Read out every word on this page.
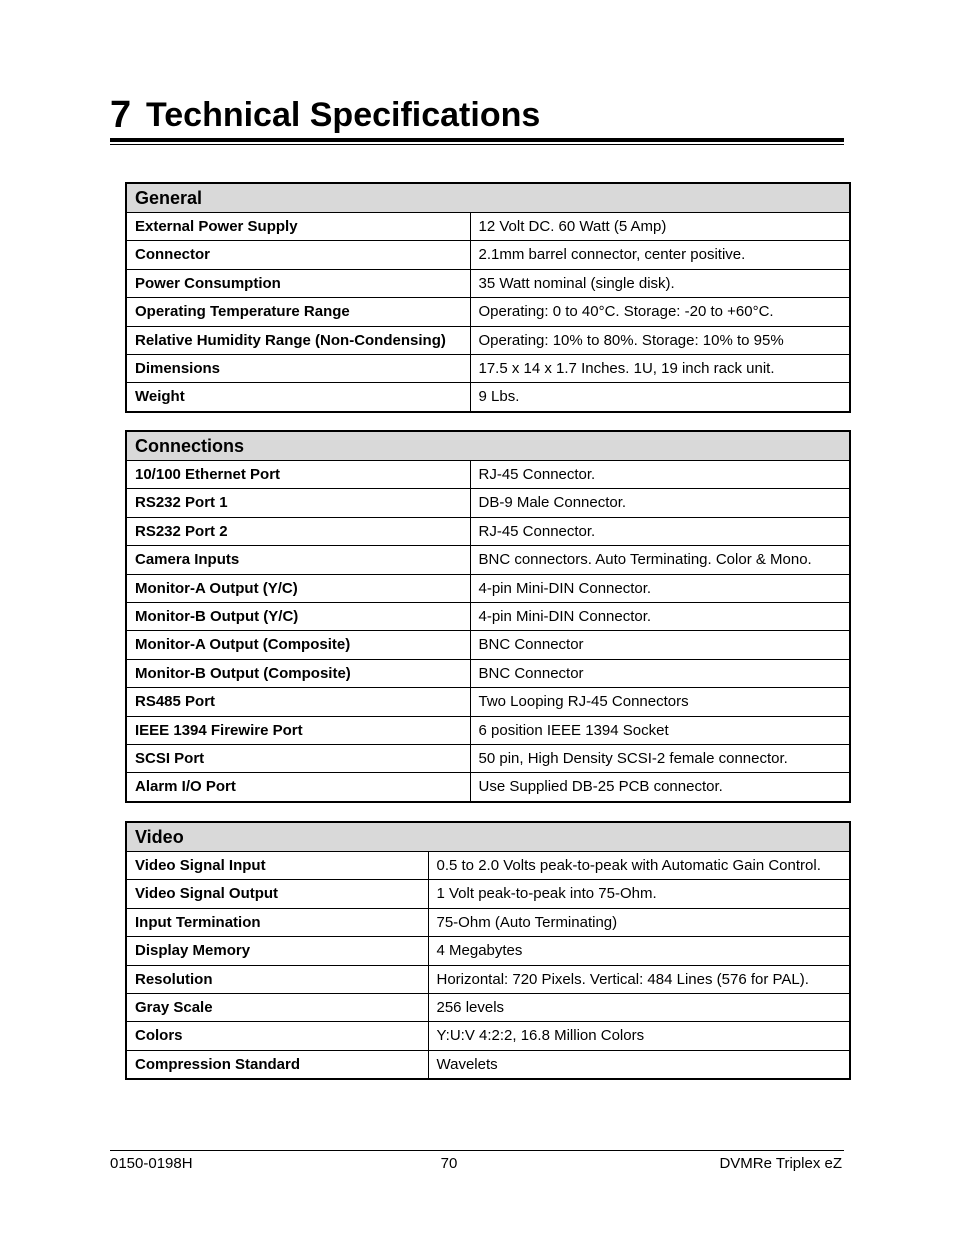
7 Technical Specifications
General	
External Power Supply	12 Volt DC. 60 Watt (5 Amp)
Connector	2.1mm barrel connector, center positive.
Power Consumption	35 Watt nominal (single disk).
Operating Temperature Range	Operating: 0 to 40°C. Storage: -20 to +60°C.
Relative Humidity Range (Non-Condensing)	Operating: 10% to 80%. Storage: 10% to 95%
Dimensions	17.5 x 14 x 1.7 Inches. 1U, 19 inch rack unit.
Weight	9 Lbs.
Connections	
10/100 Ethernet Port	RJ-45 Connector.
RS232 Port 1	DB-9 Male Connector.
RS232 Port 2	RJ-45 Connector.
Camera Inputs	BNC connectors. Auto Terminating. Color & Mono.
Monitor-A Output (Y/C)	4-pin Mini-DIN Connector.
Monitor-B Output (Y/C)	4-pin Mini-DIN Connector.
Monitor-A Output (Composite)	BNC Connector
Monitor-B Output (Composite)	BNC Connector
RS485 Port	Two Looping RJ-45 Connectors
IEEE 1394 Firewire Port	6 position IEEE 1394 Socket
SCSI Port	50 pin, High Density SCSI-2 female connector.
Alarm I/O Port	Use Supplied DB-25 PCB connector.
Video	
Video Signal Input	0.5 to 2.0 Volts peak-to-peak with Automatic Gain Control.
Video Signal Output	1 Volt peak-to-peak into 75-Ohm.
Input Termination	75-Ohm (Auto Terminating)
Display Memory	4 Megabytes
Resolution	Horizontal: 720 Pixels. Vertical: 484 Lines (576 for PAL).
Gray Scale	256 levels
Colors	Y:U:V 4:2:2, 16.8 Million Colors
Compression Standard	Wavelets
0150-0198H	70	DVMRe Triplex eZ
